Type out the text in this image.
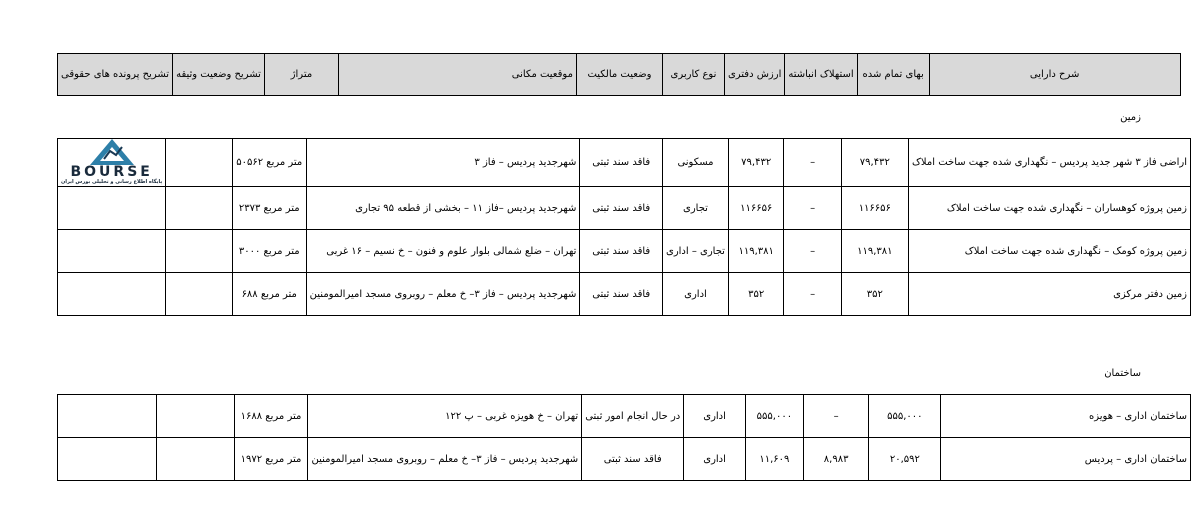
تشریح پرونده های حقوقی	تشریح وضعیت وثیقه	متراژ	موقعیت مکانی	وضعیت مالکیت	نوع کاربری	ارزش دفتری	استهلاک انباشته	بهای تمام شده	شرح دارایی
زمین
BOURSE
پایگاه اطلاع رسانی و تحلیلی بورس ایران		متر مربع ۵۰۵۶۲	شهرجدید پردیس – فاز ۳	فاقد سند ثبتی	مسکونی	۷۹,۴۳۲	–	۷۹,۴۳۲	اراضی فاز ۳ شهر جدید پردیس – نگهداری شده جهت ساخت املاک
		متر مربع ۲۳۷۳	شهرجدید پردیس –فاز ۱۱ – بخشی از قطعه ۹۵ تجاری	فاقد سند ثبتی	تجاری	۱۱۶۶۵۶	–	۱۱۶۶۵۶	زمین پروژه کوهساران – نگهداری شده جهت ساخت املاک
		متر مربع ۳۰۰۰	تهران – ضلع شمالی بلوار علوم و فنون – خ نسیم – ۱۶ غربی	فاقد سند ثبتی	تجاری – اداری	۱۱۹,۳۸۱	–	۱۱۹,۳۸۱	زمین پروژه کومک – نگهداری شده جهت ساخت املاک
		متر مربع ۶۸۸	شهرجدید پردیس – فاز ۳– خ معلم – روبروی مسجد امیرالمومنین	فاقد سند ثبتی	اداری	۳۵۲	–	۳۵۲	زمین دفتر مرکزی
ساختمان
		متر مربع ۱۶۸۸	تهران – خ هویزه غربی – پ ۱۲۲	در حال انجام امور ثبتی	اداری	۵۵۵,۰۰۰	–	۵۵۵,۰۰۰	ساختمان اداری – هویزه
		متر مربع ۱۹۷۲	شهرجدید پردیس – فاز ۳– خ معلم – روبروی مسجد امیرالمومنین	فاقد سند ثبتی	اداری	۱۱,۶۰۹	۸,۹۸۳	۲۰,۵۹۲	ساختمان اداری – پردیس
